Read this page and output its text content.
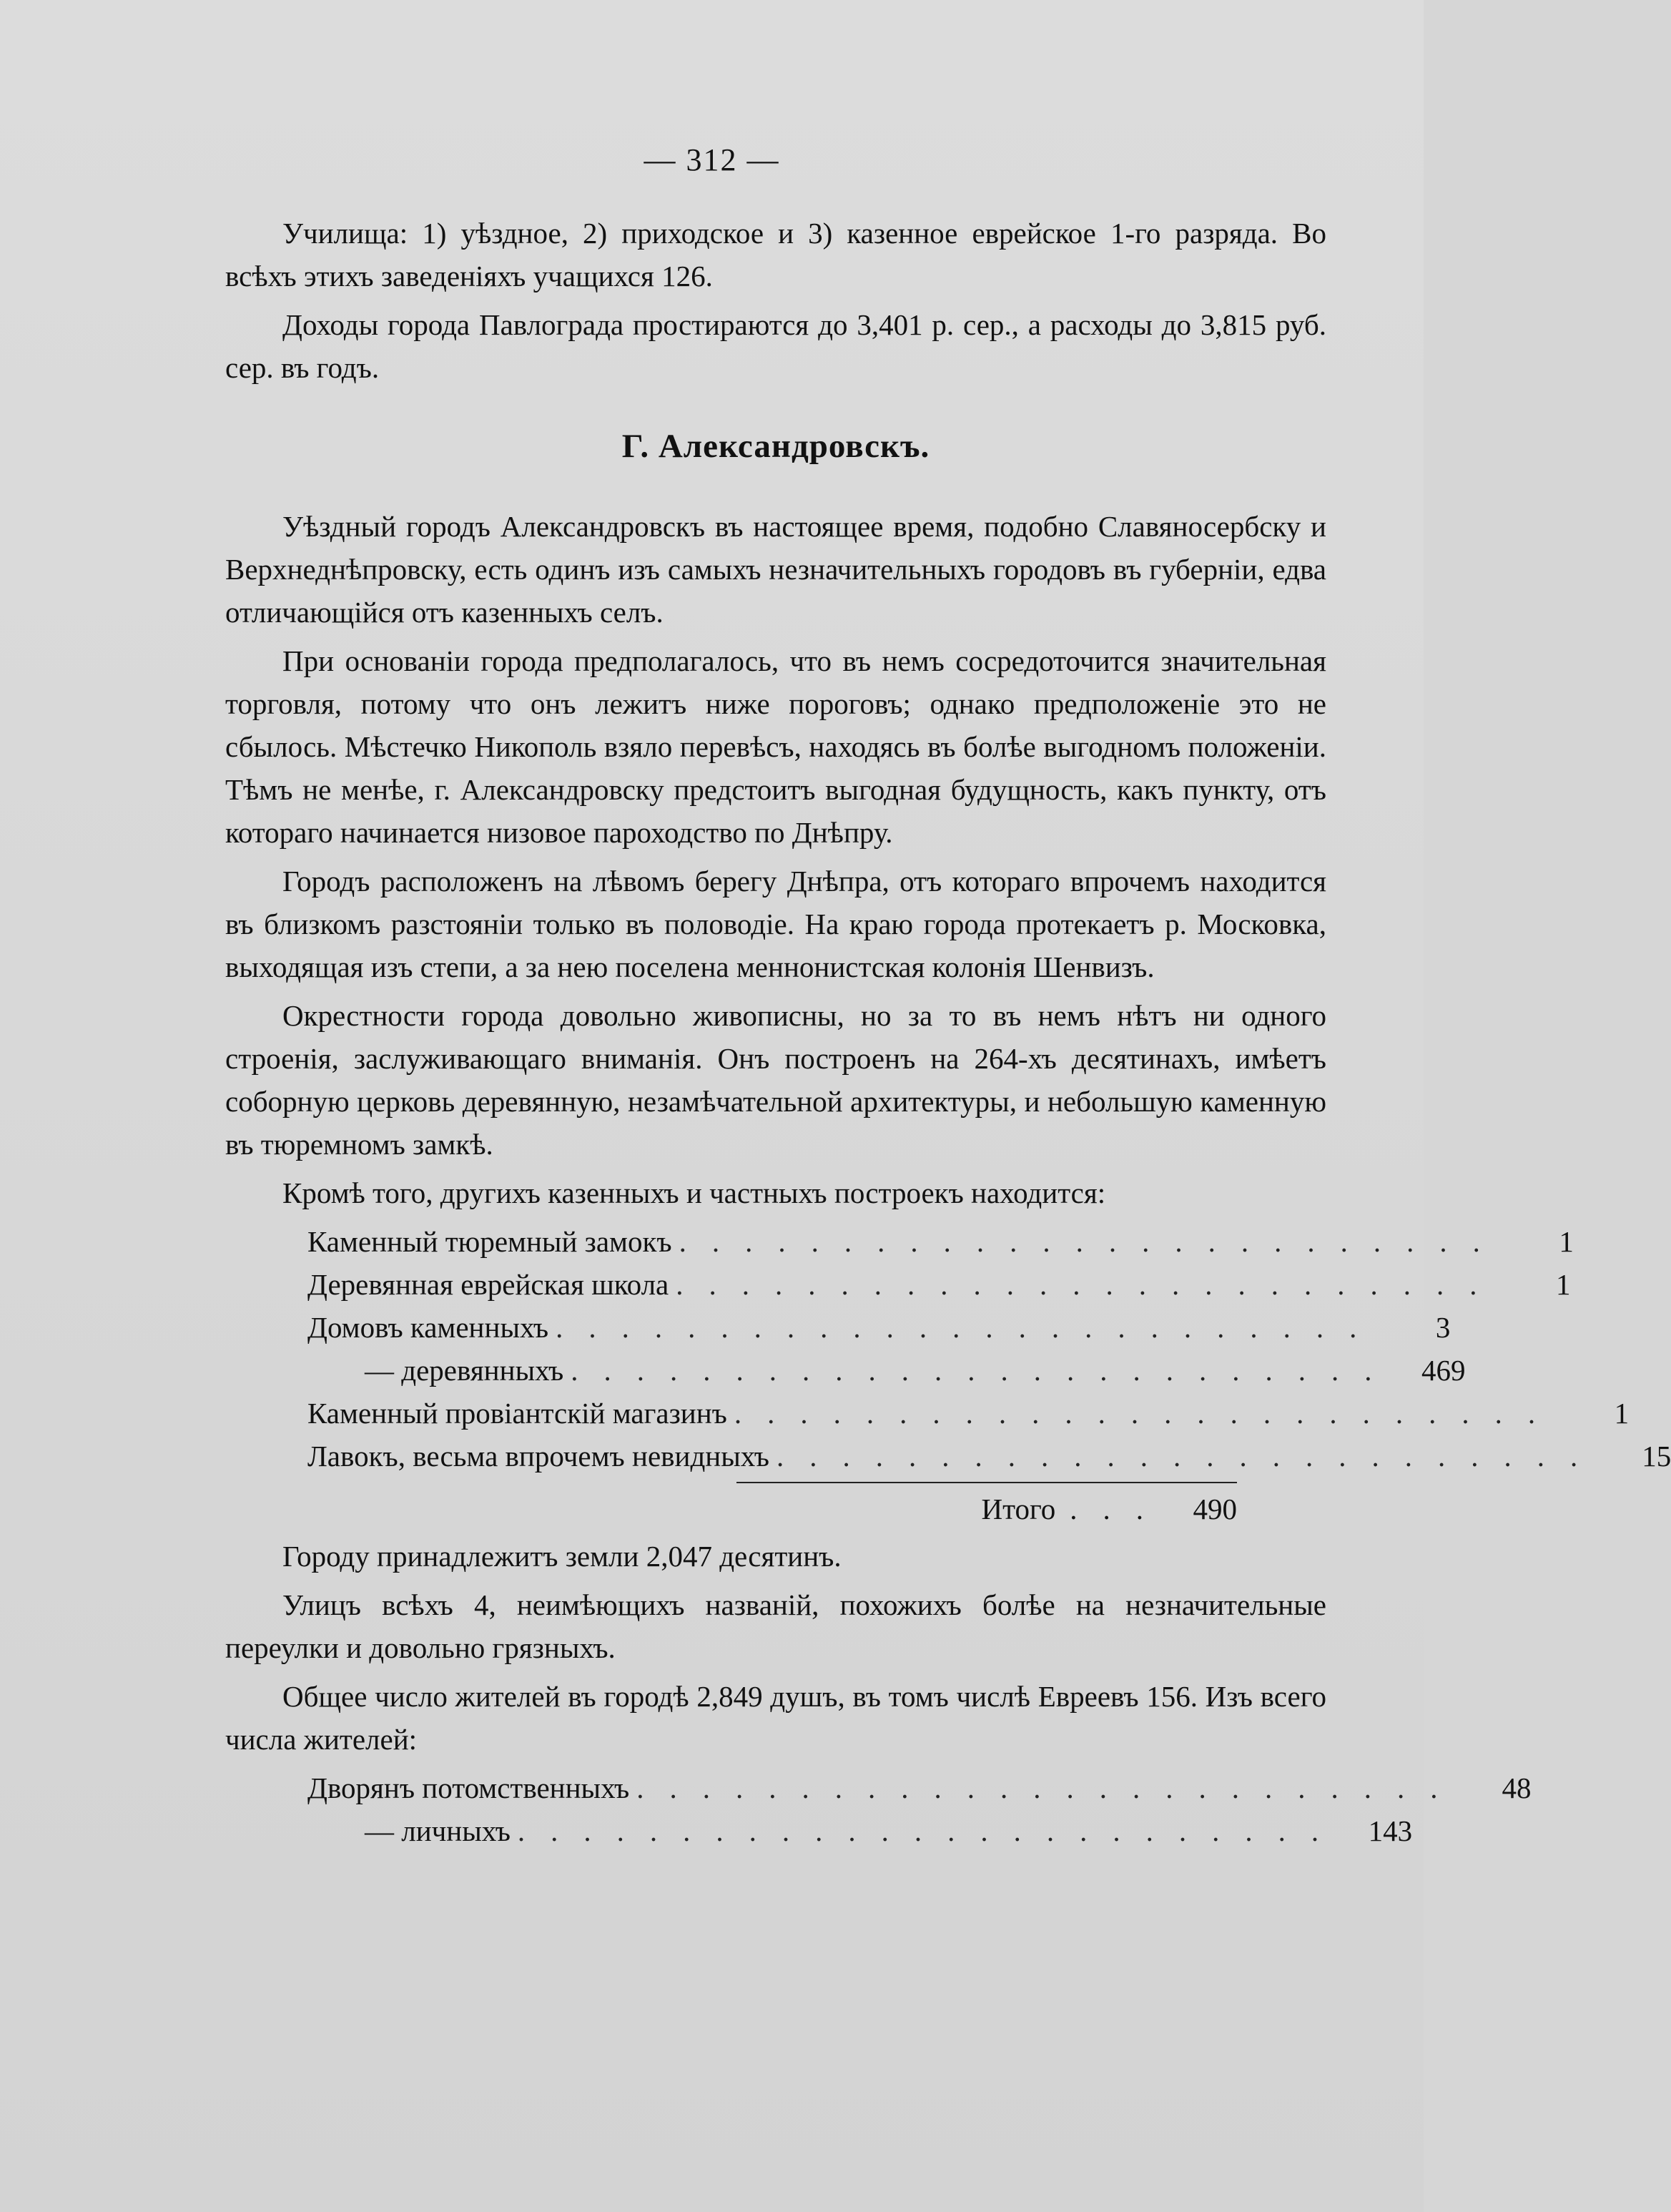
— 312 —

Училища: 1) уѣздное, 2) приходское и 3) казенное еврейское 1-го разряда. Во всѣхъ этихъ заведеніяхъ учащихся 126.

Доходы города Павлограда простираются до 3,401 р. сер., а расходы до 3,815 руб. сер. въ годъ.

Г. Александровскъ.

Уѣздный городъ Александровскъ въ настоящее время, подобно Славяносербску и Верхнеднѣпровску, есть одинъ изъ самыхъ незначительныхъ городовъ въ губерніи, едва отличающійся отъ казенныхъ селъ.

При основаніи города предполагалось, что въ немъ сосредоточится значительная торговля, потому что онъ лежитъ ниже пороговъ; однако предположеніе это не сбылось. Мѣстечко Никополь взяло перевѣсъ, находясь въ болѣе выгодномъ положеніи. Тѣмъ не менѣе, г. Александровску предстоитъ выгодная будущность, какъ пункту, отъ котораго начинается низовое пароходство по Днѣпру.

Городъ расположенъ на лѣвомъ берегу Днѣпра, отъ котораго впрочемъ находится въ близкомъ разстояніи только въ половодіе. На краю города протекаетъ р. Московка, выходящая изъ степи, а за нею поселена меннонистская колонія Шенвизъ.

Окрестности города довольно живописны, но за то въ немъ нѣтъ ни одного строенія, заслуживающаго вниманія. Онъ построенъ на 264-хъ десятинахъ, имѣетъ соборную церковь деревянную, незамѣчательной архитектуры, и небольшую каменную въ тюремномъ замкѣ.

Кромѣ того, другихъ казенныхъ и частныхъ построекъ находится:

Каменный тюремный замокъ .........................	1
Деревянная еврейская школа .........................	1
Домовъ каменныхъ .........................	3
— деревянныхъ ......................... 469
Каменный провіантскій магазинъ .........................	1
Лавокъ, весьма впрочемъ невидныхъ .........................	15
Итого ... 490

Городу принадлежитъ земли 2,047 десятинъ.

Улицъ всѣхъ 4, неимѣющихъ названій, похожихъ болѣе на незначительные переулки и довольно грязныхъ.

Общее число жителей въ городѣ 2,849 душъ, въ томъ числѣ Евреевъ 156. Изъ всего числа жителей:

Дворянъ потомственныхъ .........................	48
— личныхъ ......................... 143
